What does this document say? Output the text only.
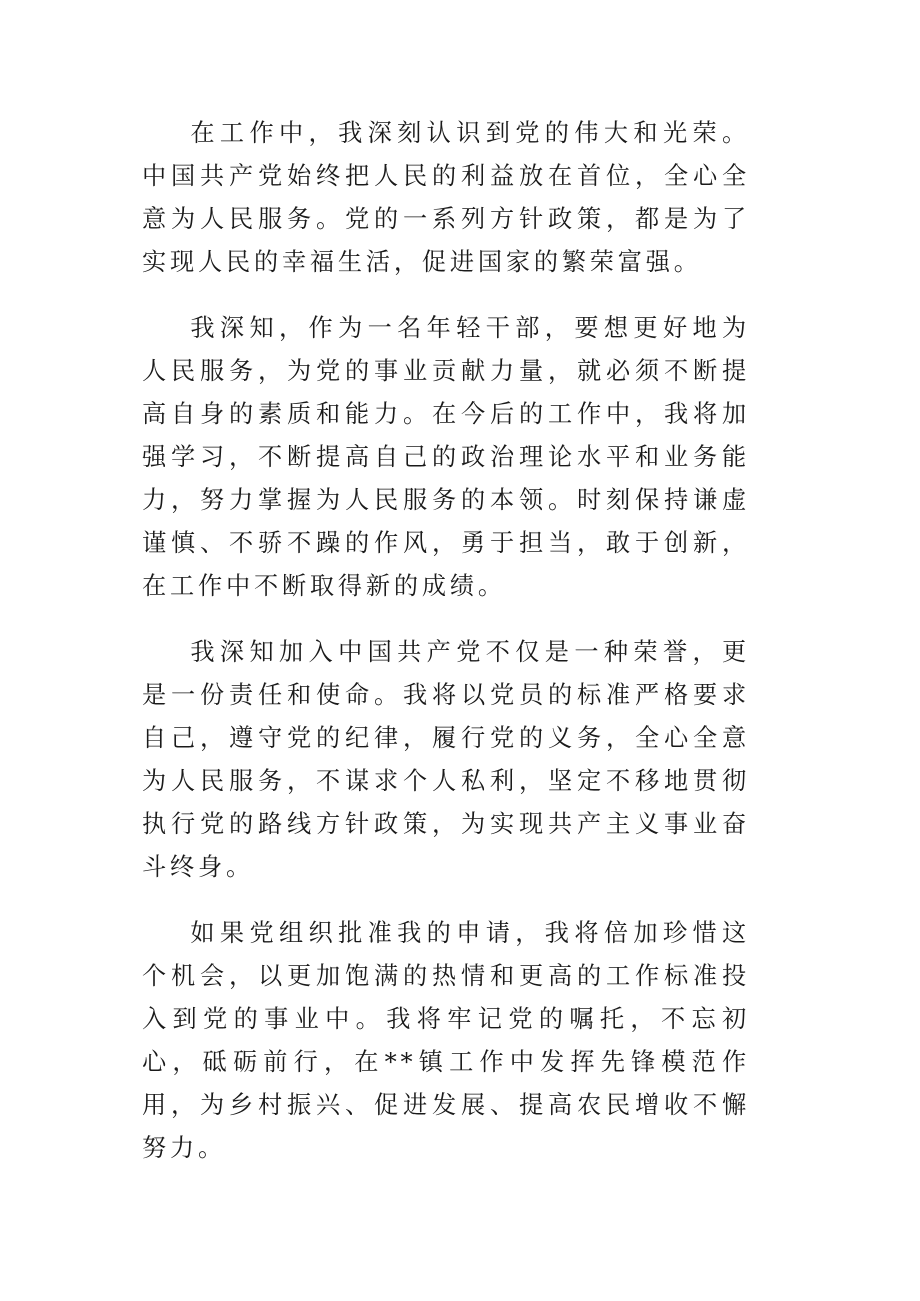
在工作中，我深刻认识到党的伟大和光荣。中国共产党始终把人民的利益放在首位，全心全意为人民服务。党的一系列方针政策，都是为了实现人民的幸福生活，促进国家的繁荣富强。

我深知，作为一名年轻干部，要想更好地为人民服务，为党的事业贡献力量，就必须不断提高自身的素质和能力。在今后的工作中，我将加强学习，不断提高自己的政治理论水平和业务能力，努力掌握为人民服务的本领。时刻保持谦虚谨慎、不骄不躁的作风，勇于担当，敢于创新，在工作中不断取得新的成绩。

我深知加入中国共产党不仅是一种荣誉，更是一份责任和使命。我将以党员的标准严格要求自己，遵守党的纪律，履行党的义务，全心全意为人民服务，不谋求个人私利，坚定不移地贯彻执行党的路线方针政策，为实现共产主义事业奋斗终身。

如果党组织批准我的申请，我将倍加珍惜这个机会，以更加饱满的热情和更高的工作标准投入到党的事业中。我将牢记党的嘱托，不忘初心，砥砺前行，在**镇工作中发挥先锋模范作用，为乡村振兴、促进发展、提高农民增收不懈努力。
